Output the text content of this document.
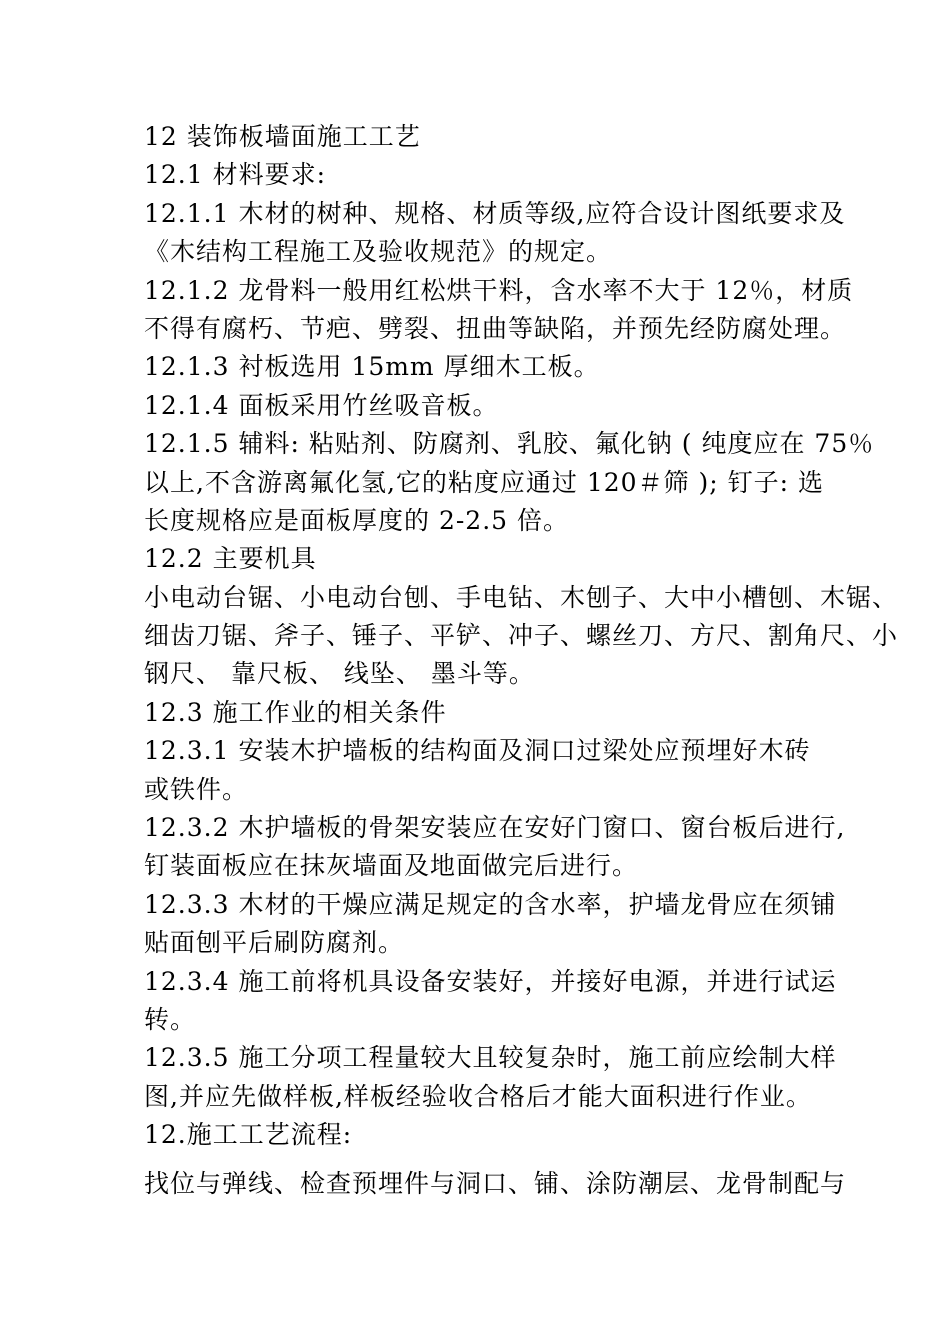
12 装饰板墙面施工工艺
12.1 材料要求:
12.1.1 木材的树种、规格、材质等级,应符合设计图纸要求及
《木结构工程施工及验收规范》的规定。
12.1.2 龙骨料一般用红松烘干料，含水率不大于 12％，材质
不得有腐朽、节疤、劈裂、扭曲等缺陷，并预先经防腐处理。
12.1.3 衬板选用 15mm 厚细木工板。
12.1.4 面板采用竹丝吸音板。
12.1.5 辅料: 粘贴剂、防腐剂、乳胶、氟化钠 ( 纯度应在 75％
以上,不含游离氟化氢,它的粘度应通过 120＃筛 ); 钉子: 选
长度规格应是面板厚度的 2-2.5 倍。
12.2 主要机具
小电动台锯、小电动台刨、手电钻、木刨子、大中小槽刨、木锯、
细齿刀锯、斧子、锤子、平铲、冲子、螺丝刀、方尺、割角尺、小
钢尺、 靠尺板、 线坠、 墨斗等。
12.3 施工作业的相关条件
12.3.1 安装木护墙板的结构面及洞口过梁处应预埋好木砖
或铁件。
12.3.2 木护墙板的骨架安装应在安好门窗口、窗台板后进行,
钉装面板应在抹灰墙面及地面做完后进行。
12.3.3 木材的干燥应满足规定的含水率，护墙龙骨应在须铺
贴面刨平后刷防腐剂。
12.3.4 施工前将机具设备安装好，并接好电源，并进行试运
转。
12.3.5 施工分项工程量较大且较复杂时，施工前应绘制大样
图,并应先做样板,样板经验收合格后才能大面积进行作业。
12.施工工艺流程:
找位与弹线、检查预埋件与洞口、铺、涂防潮层、龙骨制配与
